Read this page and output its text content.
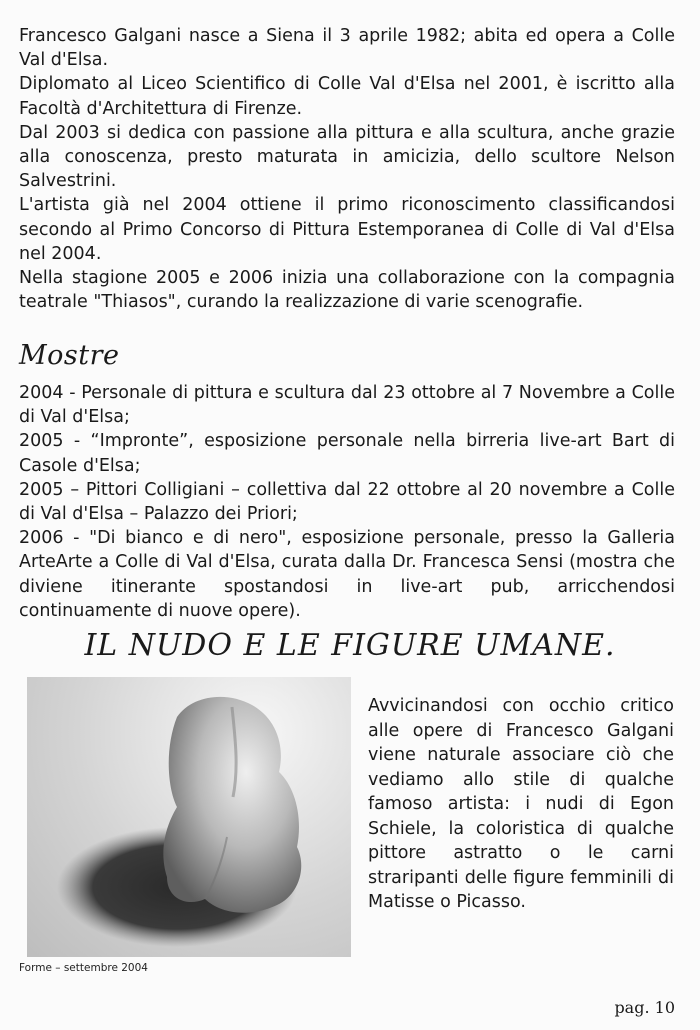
Francesco Galgani nasce a Siena il 3 aprile 1982; abita ed opera a Colle Val d'Elsa.

Diplomato al Liceo Scientifico di Colle Val d'Elsa nel 2001, è iscritto alla Facoltà d'Architettura di Firenze.

Dal 2003 si dedica con passione alla pittura e alla scultura, anche grazie alla conoscenza, presto maturata in amicizia, dello scultore Nelson Salvestrini.

L'artista già nel 2004 ottiene il primo riconoscimento classificandosi secondo al Primo Concorso di Pittura Estemporanea di Colle di Val d'Elsa nel 2004.

Nella stagione 2005 e 2006 inizia una collaborazione con la compagnia teatrale "Thiasos", curando la realizzazione di varie scenografie.

Mostre

2004 - Personale di pittura e scultura dal 23 ottobre al 7 Novembre a Colle di Val d'Elsa;

2005 - “Impronte”, esposizione personale nella birreria live-art Bart di Casole d'Elsa;

2005 – Pittori Colligiani – collettiva dal 22 ottobre al 20 novembre a Colle di Val d'Elsa – Palazzo dei Priori;

2006 - "Di bianco e di nero", esposizione personale, presso la Galleria ArteArte a Colle di Val d'Elsa, curata dalla Dr. Francesca Sensi (mostra che diviene itinerante spostandosi in live-art pub, arricchendosi continuamente di nuove opere).

IL NUDO E LE FIGURE UMANE.
Forme – settembre 2004
Avvicinandosi con occhio critico alle opere di Francesco Galgani viene naturale associare ciò che vediamo allo stile di qualche famoso artista: i nudi di Egon Schiele, la coloristica di qualche pittore astratto o le carni straripanti delle figure femminili di Matisse o Picasso.
pag. 10
